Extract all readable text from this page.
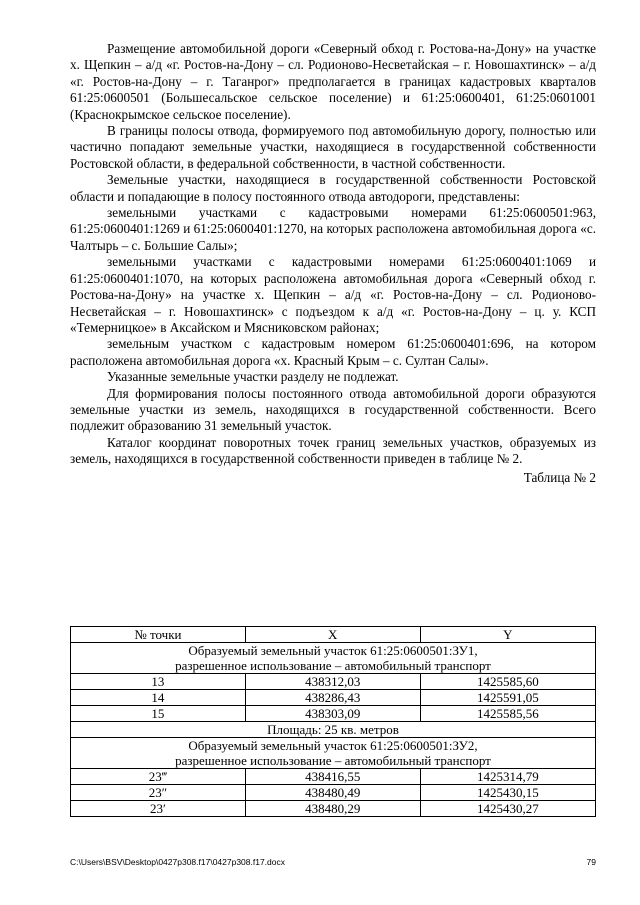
Размещение автомобильной дороги «Северный обход г. Ростова-на-Дону» на участке х. Щепкин – а/д «г. Ростов-на-Дону – сл. Родионово-Несветайская – г. Новошахтинск» – а/д «г. Ростов-на-Дону – г. Таганрог» предполагается в границах кадастровых кварталов 61:25:0600501 (Большесальское сельское поселение) и 61:25:0600401, 61:25:0601001 (Краснокрымское сельское поселение).

В границы полосы отвода, формируемого под автомобильную дорогу, полностью или частично попадают земельные участки, находящиеся в государственной собственности Ростовской области, в федеральной собственности, в частной собственности.

Земельные участки, находящиеся в государственной собственности Ростовской области и попадающие в полосу постоянного отвода автодороги, представлены:

земельными участками с кадастровыми номерами 61:25:0600501:963, 61:25:0600401:1269 и 61:25:0600401:1270, на которых расположена автомобильная дорога «с. Чалтырь – с. Большие Салы»;

земельными участками с кадастровыми номерами 61:25:0600401:1069 и 61:25:0600401:1070, на которых расположена автомобильная дорога «Северный обход г. Ростова-на-Дону» на участке х. Щепкин – а/д «г. Ростов-на-Дону – сл. Родионово-Несветайская – г. Новошахтинск» с подъездом к а/д «г. Ростов-на-Дону – ц. у. КСП «Темерницкое» в Аксайском и Мясниковском районах;

земельным участком с кадастровым номером 61:25:0600401:696, на котором расположена автомобильная дорога «х. Красный Крым – с. Султан Салы».

Указанные земельные участки разделу не подлежат.

Для формирования полосы постоянного отвода автомобильной дороги образуются земельные участки из земель, находящихся в государственной собственности. Всего подлежит образованию 31 земельный участок.

Каталог координат поворотных точек границ земельных участков, образуемых из земель, находящихся в государственной собственности приведен в таблице № 2.

Таблица № 2
№ точки	X	Y

Образуемый земельный участок 61:25:0600501:ЗУ1,
разрешенное использование – автомобильный транспорт		

13	438312,03	1425585,60
14	438286,43	1425591,05
15	438303,09	1425585,56
Площадь: 25 кв. метров		

Образуемый земельный участок 61:25:0600501:ЗУ2,
разрешенное использование – автомобильный транспорт		

23‴	438416,55	1425314,79
23″	438480,49	1425430,15
23′	438480,29	1425430,27
C:\Users\BSV\Desktop\0427p308.f17\0427p308.f17.docx	79
